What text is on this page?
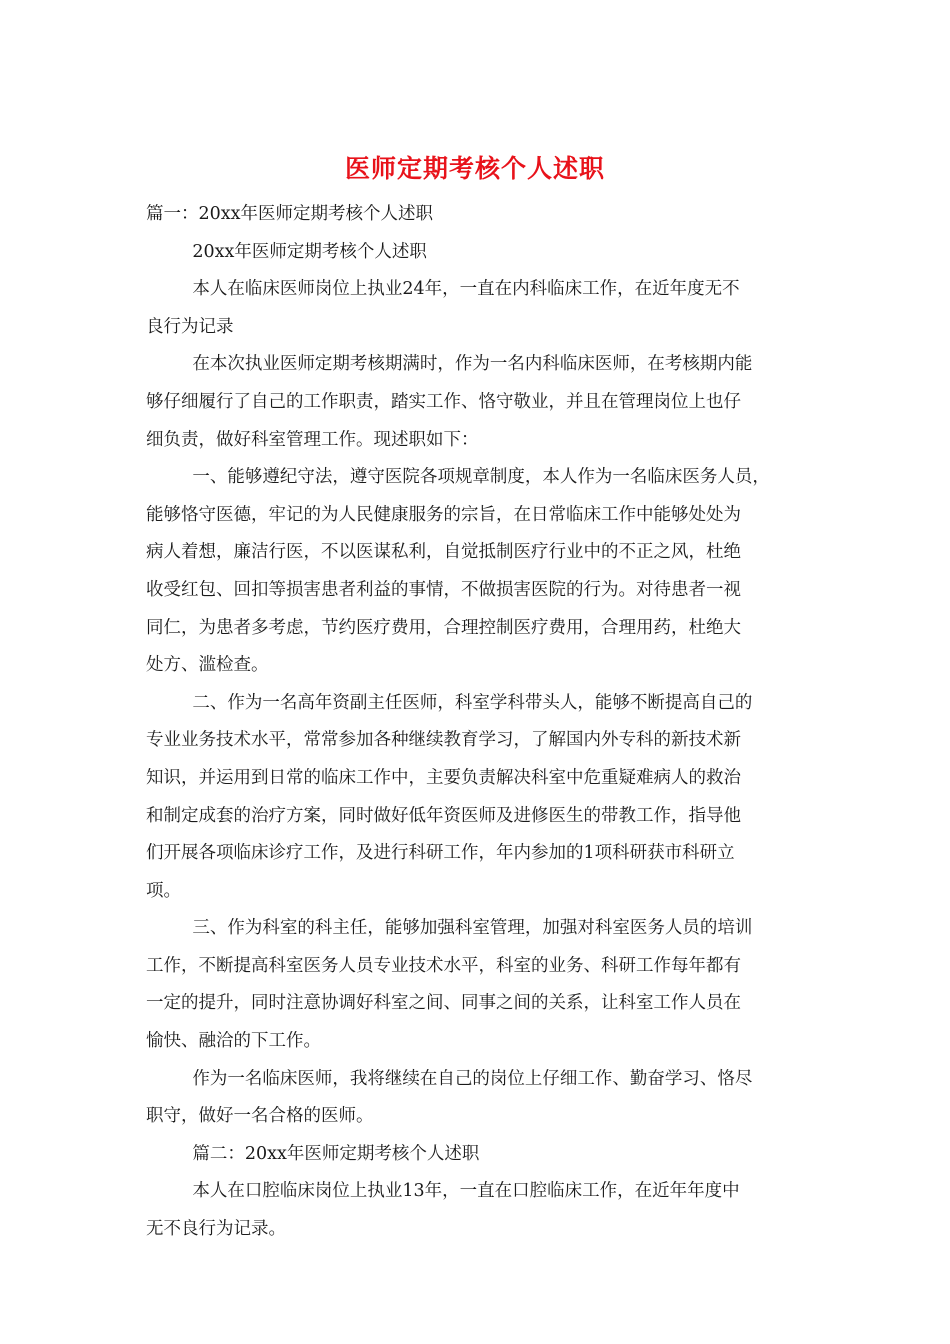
医师定期考核个人述职

篇一：20xx年医师定期考核个人述职

20xx年医师定期考核个人述职

本人在临床医师岗位上执业24年，一直在内科临床工作，在近年度无不
良行为记录

在本次执业医师定期考核期满时，作为一名内科临床医师，在考核期内能
够仔细履行了自己的工作职责，踏实工作、恪守敬业，并且在管理岗位上也仔
细负责，做好科室管理工作。现述职如下：

一、能够遵纪守法，遵守医院各项规章制度，本人作为一名临床医务人员，
能够恪守医德，牢记的为人民健康服务的宗旨，在日常临床工作中能够处处为
病人着想，廉洁行医，不以医谋私利，自觉抵制医疗行业中的不正之风，杜绝
收受红包、回扣等损害患者利益的事情，不做损害医院的行为。对待患者一视
同仁，为患者多考虑，节约医疗费用，合理控制医疗费用，合理用药，杜绝大
处方、滥检查。

二、作为一名高年资副主任医师，科室学科带头人，能够不断提高自己的
专业业务技术水平，常常参加各种继续教育学习，了解国内外专科的新技术新
知识，并运用到日常的临床工作中，主要负责解决科室中危重疑难病人的救治
和制定成套的治疗方案，同时做好低年资医师及进修医生的带教工作，指导他
们开展各项临床诊疗工作，及进行科研工作，年内参加的1项科研获市科研立
项。

三、作为科室的科主任，能够加强科室管理，加强对科室医务人员的培训
工作，不断提高科室医务人员专业技术水平，科室的业务、科研工作每年都有
一定的提升，同时注意协调好科室之间、同事之间的关系，让科室工作人员在
愉快、融洽的下工作。

作为一名临床医师，我将继续在自己的岗位上仔细工作、勤奋学习、恪尽
职守，做好一名合格的医师。

篇二：20xx年医师定期考核个人述职

本人在口腔临床岗位上执业13年，一直在口腔临床工作，在近年年度中
无不良行为记录。
